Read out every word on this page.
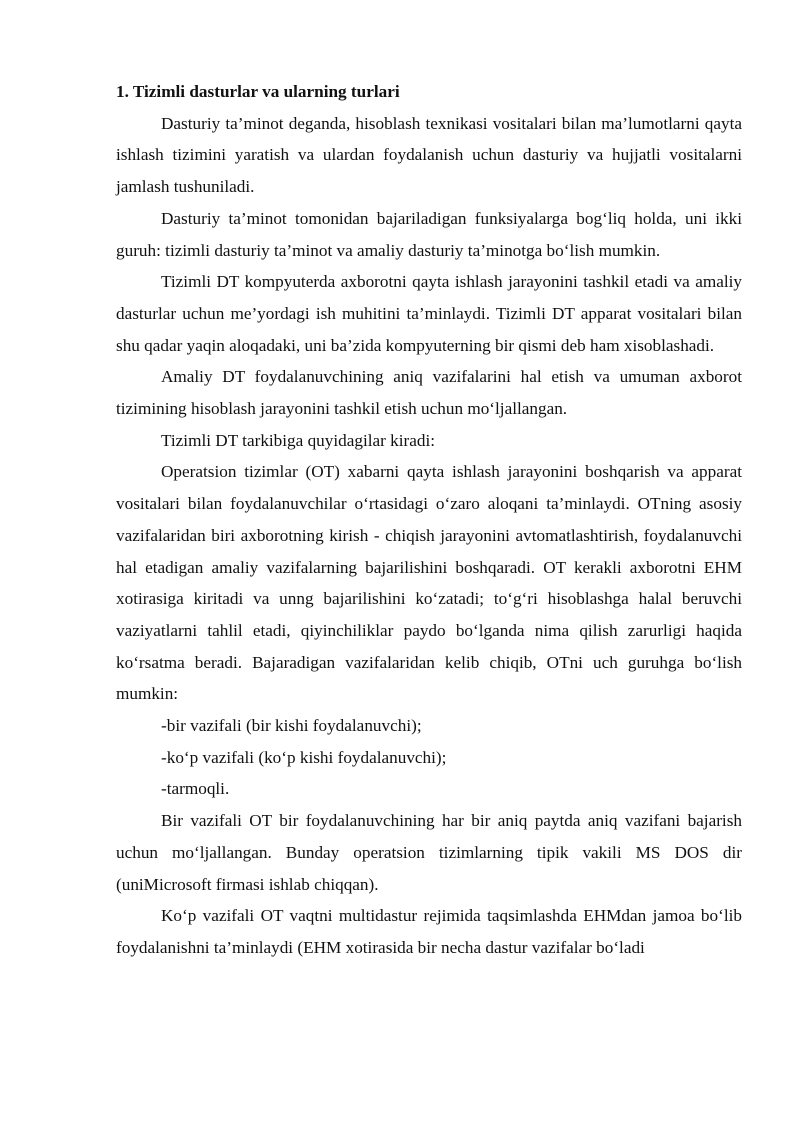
1. Tizimli dasturlar va ularning turlari

Dasturiy ta’minot deganda, hisoblash texnikasi vositalari bilan ma’lumotlarni qayta ishlash tizimini yaratish va ulardan foydalanish uchun dasturiy va hujjatli vositalarni jamlash tushuniladi.

Dasturiy ta’minot tomonidan bajariladigan funksiyalarga bog‘liq holda, uni ikki guruh: tizimli dasturiy ta’minot va amaliy dasturiy ta’minotga bo‘lish mumkin.

Tizimli DT kompyuterda axborotni qayta ishlash jarayonini tashkil etadi va amaliy dasturlar uchun me’yordagi ish muhitini ta’minlaydi. Tizimli DT apparat vositalari bilan shu qadar yaqin aloqadaki, uni ba’zida kompyuterning bir qismi deb ham xisoblashadi.

Amaliy DT foydalanuvchining aniq vazifalarini hal etish va umuman axborot tizimining hisoblash jarayonini tashkil etish uchun mo‘ljallangan.

Tizimli DT tarkibiga quyidagilar kiradi:

Operatsion tizimlar (OT) xabarni qayta ishlash jarayonini boshqarish va apparat vositalari bilan foydalanuvchilar o‘rtasidagi o‘zaro aloqani ta’minlaydi. OTning asosiy vazifalaridan biri axborotning kirish - chiqish jarayonini avtomatlashtirish, foydalanuvchi hal etadigan amaliy vazifalarning bajarilishini boshqaradi. OT kerakli axborotni EHM xotirasiga kiritadi va unng bajarilishini ko‘zatadi; to‘g‘ri hisoblashga halal beruvchi vaziyatlarni tahlil etadi, qiyinchiliklar paydo bo‘lganda nima qilish zarurligi haqida ko‘rsatma beradi. Bajaradigan vazifalaridan kelib chiqib, OTni uch guruhga bo‘lish mumkin:

-bir vazifali (bir kishi foydalanuvchi);

-ko‘p vazifali (ko‘p kishi foydalanuvchi);

-tarmoqli.

Bir vazifali OT bir foydalanuvchining har bir aniq paytda aniq vazifani bajarish uchun mo‘ljallangan. Bunday operatsion tizimlarning tipik vakili MS DOS dir (uniMicrosoft firmasi ishlab chiqqan).

Ko‘p vazifali OT vaqtni multidastur rejimida taqsimlashda EHMdan jamoa bo‘lib foydalanishni ta’minlaydi (EHM xotirasida bir necha dastur vazifalar bo‘ladi
